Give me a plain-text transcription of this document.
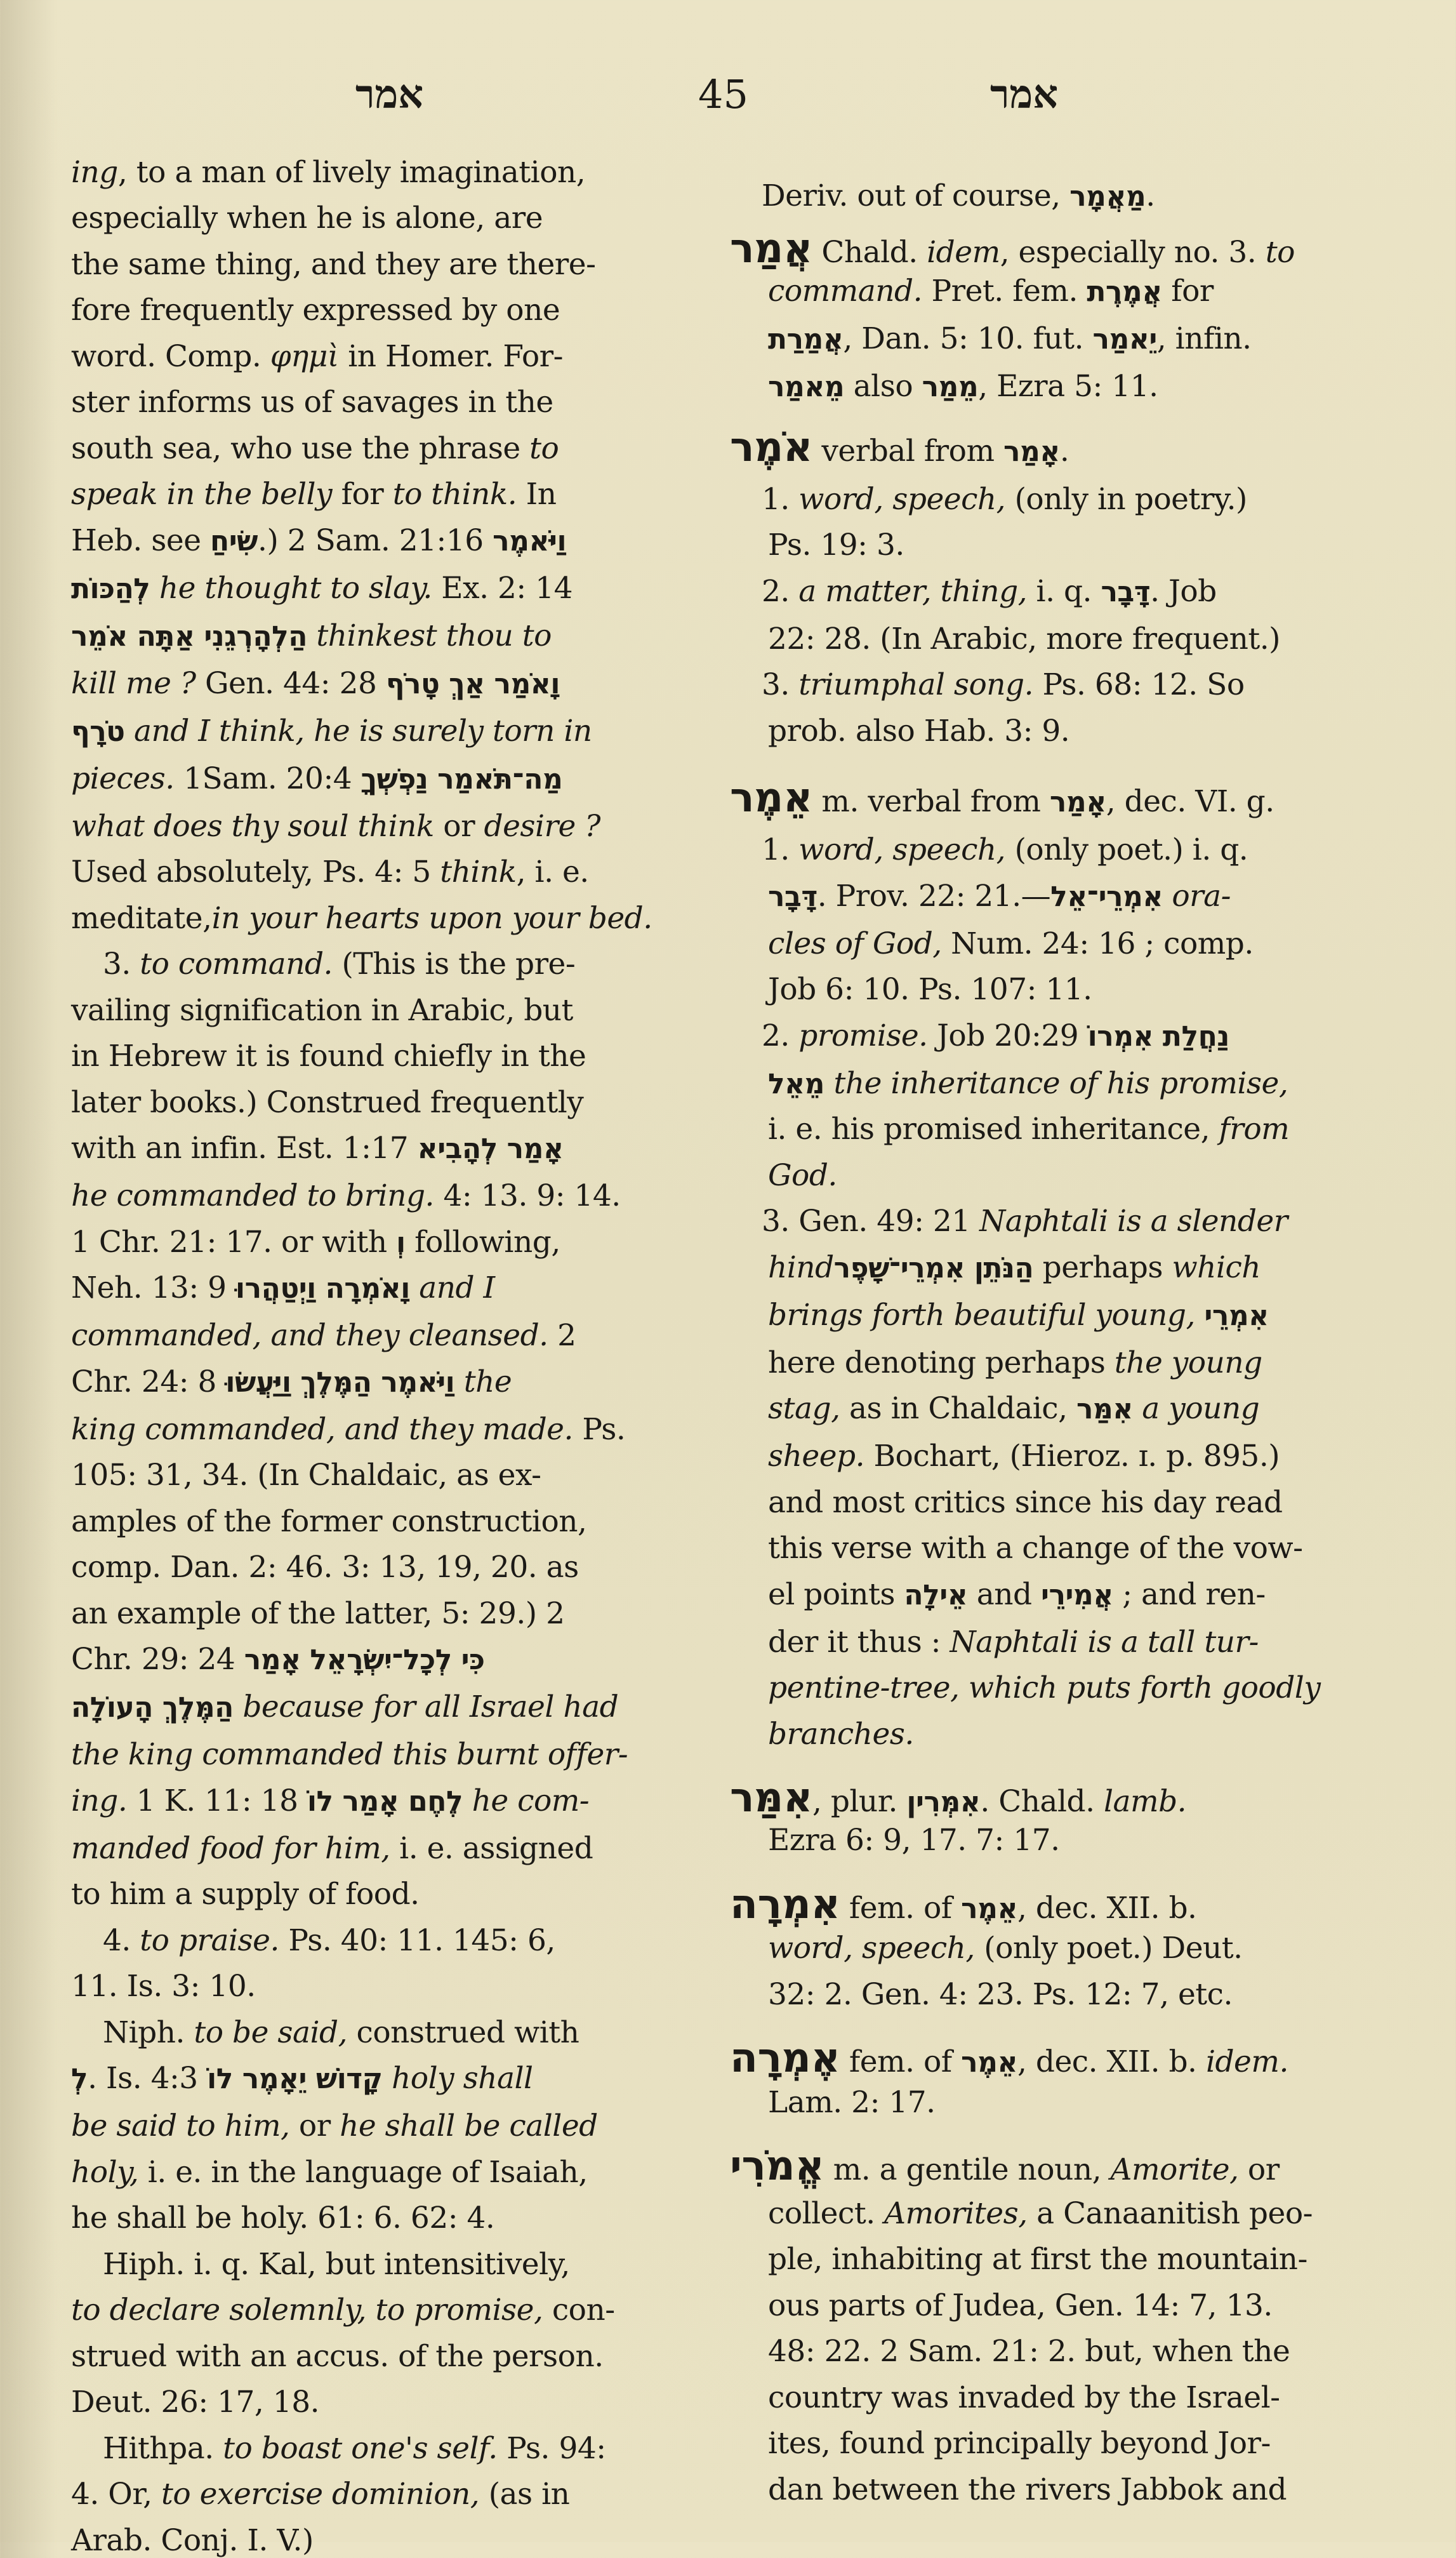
אמר	45	אמר
ing, to a man of lively imagination,
especially when he is alone, are
the same thing, and they are there-
fore frequently expressed by one
word. Comp. φημὶ in Homer. For-
ster informs us of savages in the
south sea, who use the phrase to
speak in the belly for to think. In
Heb. see שִׂיחַ.) 2 Sam. 21:16 וַיֹּאמֶר
לְהַכּוֹת he thought to slay. Ex. 2: 14
הַלְהָרְגֵנִי אַתָּה אֹמֵר thinkest thou to
kill me ? Gen. 44: 28 וָאֹמַר אַךְ טָרֹף
טֹרָף and I think, he is surely torn in
pieces. 1Sam. 20:4 מַה־תֹּאמַר נַפְשְׁךָ
what does thy soul think or desire ?
Used absolutely, Ps. 4: 5 think, i. e.
meditate,in your hearts upon your bed.
3. to command. (This is the pre-
vailing signification in Arabic, but
in Hebrew it is found chiefly in the
later books.) Construed frequently
with an infin. Est. 1:17 אָמַר לְהָבִיא
he commanded to bring. 4: 13. 9: 14.
1 Chr. 21: 17. or with וְ following,
Neh. 13: 9 וָאֹמְרָה וַיְטַהֲרוּ and I
commanded, and they cleansed. 2
Chr. 24: 8 וַיֹּאמֶר הַמֶּלֶךְ וַיַּעֲשׂוּ the
king commanded, and they made. Ps.
105: 31, 34. (In Chaldaic, as ex-
amples of the former construction,
comp. Dan. 2: 46. 3: 13, 19, 20. as
an example of the latter, 5: 29.) 2
Chr. 29: 24 כִּי לְכָל־יִשְׂרָאֵל אָמַר
הַמֶּלֶךְ הָעוֹלָה because for all Israel had
the king commanded this burnt offer-
ing. 1 K. 11: 18 לֶחֶם אָמַר לוֹ he com-
manded food for him, i. e. assigned
to him a supply of food.
4. to praise. Ps. 40: 11. 145: 6,
11. Is. 3: 10.
Niph. to be said, construed with
לְ. Is. 4:3 קָדוֹשׁ יֵאָמֶר לוֹ holy shall
be said to him, or he shall be called
holy, i. e. in the language of Isaiah,
he shall be holy. 61: 6. 62: 4.
Hiph. i. q. Kal, but intensitively,
to declare solemnly, to promise, con-
strued with an accus. of the person.
Deut. 26: 17, 18.
Hithpa. to boast one's self. Ps. 94:
4. Or, to exercise dominion, (as in
Arab. Conj. I. V.)
Deriv. out of course, מַאֲמָר.
אֲמַר Chald. idem, especially no. 3. to
command. Pret. fem. אֲמֶרֶת for
אֲמַרַת, Dan. 5: 10. fut. יֵאמַר, infin.
מֵאמַר also מֵמַר, Ezra 5: 11.
אֹמֶר verbal from אָמַר.
1. word, speech, (only in poetry.)
Ps. 19: 3.
2. a matter, thing, i. q. דָּבָר. Job
22: 28. (In Arabic, more frequent.)
3. triumphal song. Ps. 68: 12. So
prob. also Hab. 3: 9.
אֵמֶר m. verbal from אָמַר, dec. VI. g.
1. word, speech, (only poet.) i. q.
דָּבָר. Prov. 22: 21.—אִמְרֵי־אֵל ora-
cles of God, Num. 24: 16 ; comp.
Job 6: 10. Ps. 107: 11.
2. promise. Job 20:29 נַחֲלַת אִמְרוֹ
מֵאֵל the inheritance of his promise,
i. e. his promised inheritance, from
God.
3. Gen. 49: 21 Naphtali is a slender
hindהַנֹּתֵן אִמְרֵי־שָׁפֶר perhaps which
brings forth beautiful young, אִמְרֵי
here denoting perhaps the young
stag, as in Chaldaic, אִמַּר a young
sheep. Bochart, (Hieroz. ɪ. p. 895.)
and most critics since his day read
this verse with a change of the vow-
el points אֵילָה and אֲמִירֵי ; and ren-
der it thus : Naphtali is a tall tur-
pentine-tree, which puts forth goodly
branches.
אִמַּר, plur. אִמְּרִין. Chald. lamb.
Ezra 6: 9, 17. 7: 17.
אִמְרָה fem. of אֵמֶר, dec. XII. b.
word, speech, (only poet.) Deut.
32: 2. Gen. 4: 23. Ps. 12: 7, etc.
אֶמְרָה fem. of אֵמֶר, dec. XII. b. idem.
Lam. 2: 17.
אֱמֹרִי m. a gentile noun, Amorite, or
collect. Amorites, a Canaanitish peo-
ple, inhabiting at first the mountain-
ous parts of Judea, Gen. 14: 7, 13.
48: 22. 2 Sam. 21: 2. but, when the
country was invaded by the Israel-
ites, found principally beyond Jor-
dan between the rivers Jabbok and
